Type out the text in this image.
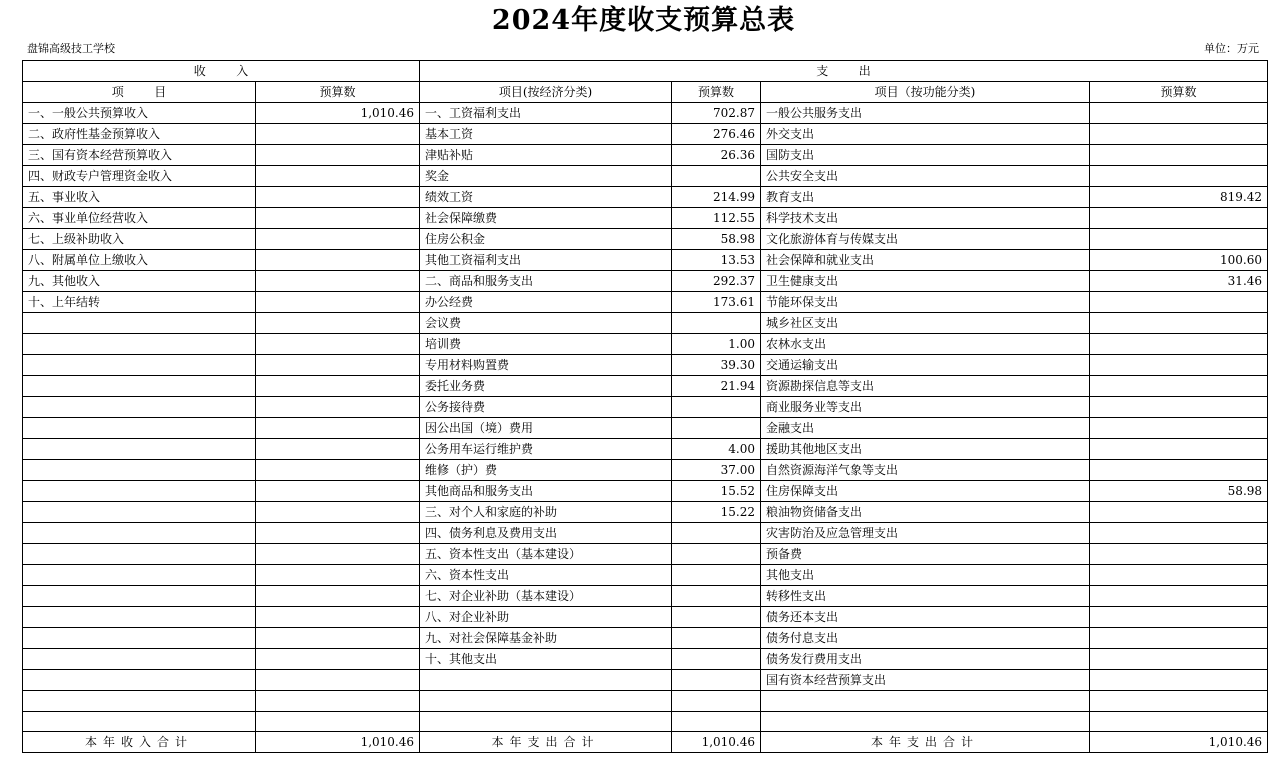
2024年度收支预算总表
盘锦高级技工学校	单位：万元
收        入		支        出			
项        目	预算数	项目(按经济分类)	预算数	项目（按功能分类)	预算数
一、一般公共预算收入	1,010.46	一、工资福利支出	702.87	一般公共服务支出	
二、政府性基金预算收入		基本工资	276.46	外交支出	
三、国有资本经营预算收入		津贴补贴	26.36	国防支出	
四、财政专户管理资金收入		奖金		公共安全支出	
五、事业收入		绩效工资	214.99	教育支出	819.42
六、事业单位经营收入		社会保障缴费	112.55	科学技术支出	
七、上级补助收入		住房公积金	58.98	文化旅游体育与传媒支出	
八、附属单位上缴收入		其他工资福利支出	13.53	社会保障和就业支出	100.60
九、其他收入		二、商品和服务支出	292.37	卫生健康支出	31.46
十、上年结转		办公经费	173.61	节能环保支出	
		会议费		城乡社区支出	
		培训费	1.00	农林水支出	
		专用材料购置费	39.30	交通运输支出	
		委托业务费	21.94	资源勘探信息等支出	
		公务接待费		商业服务业等支出	
		因公出国（境）费用		金融支出	
		公务用车运行维护费	4.00	援助其他地区支出	
		维修（护）费	37.00	自然资源海洋气象等支出	
		其他商品和服务支出	15.52	住房保障支出	58.98
		三、对个人和家庭的补助	15.22	粮油物资储备支出	
		四、债务利息及费用支出		灾害防治及应急管理支出	
		五、资本性支出（基本建设）		预备费	
		六、资本性支出		其他支出	
		七、对企业补助（基本建设）		转移性支出	
		八、对企业补助		债务还本支出	
		九、对社会保障基金补助		债务付息支出	
		十、其他支出		债务发行费用支出	
				国有资本经营预算支出	

本年收入合计	1,010.46	本年支出合计	1,010.46	本年支出合计	1,010.46
